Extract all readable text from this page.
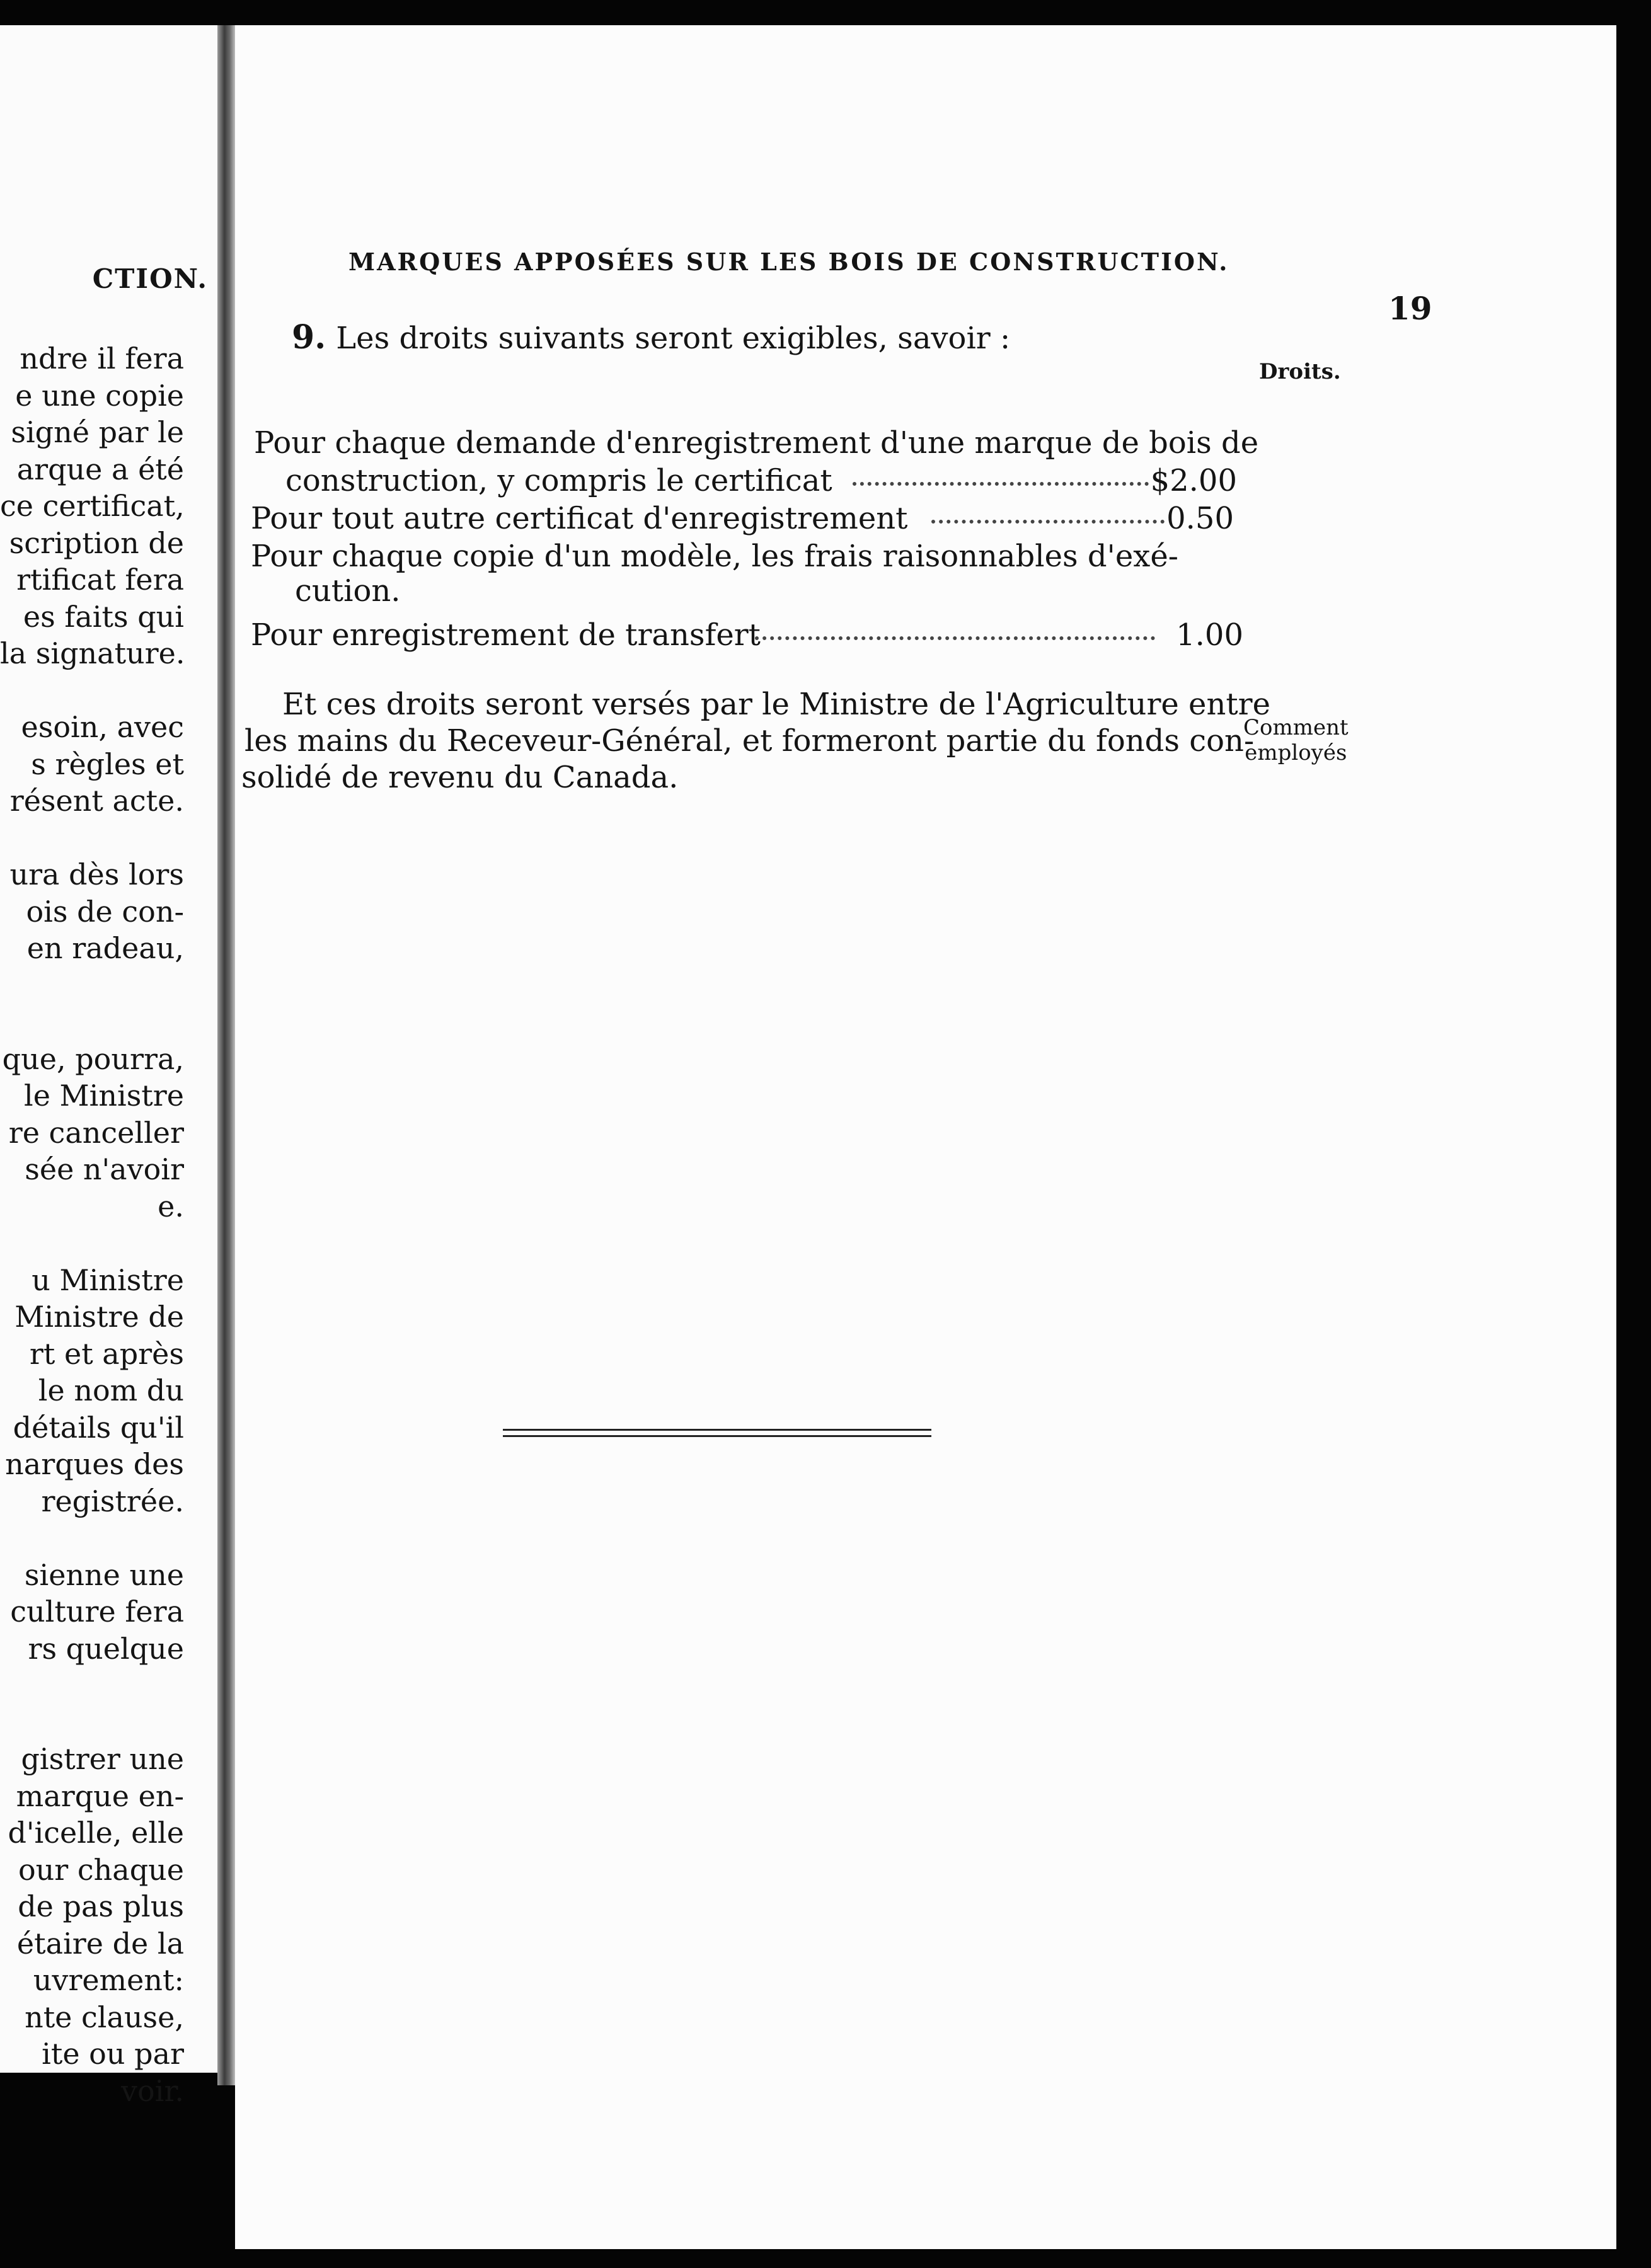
CTION.
ndre il fera
e une copie
signé par le
arque a été
ce certificat,
scription de
rtificat fera
es faits qui
la signature.
esoin, avec
s règles et
résent acte.
ura dès lors
ois de con-
en radeau,
que, pourra,
le Ministre
re canceller
sée n'avoir
e.
u Ministre
Ministre de
rt et après
le nom du
détails qu'il
narques des
registrée.
sienne une
culture fera
rs quelque
gistrer une
marque en-
d'icelle, elle
our chaque
de pas plus
étaire de la
uvrement:
nte clause,
ite ou par
voir.
MARQUES APPOSÉES SUR LES BOIS DE CONSTRUCTION.
19
9. Les droits suivants seront exigibles, savoir :
Droits.
Pour chaque demande d'enregistrement d'une marque de bois de
construction, y compris le certificat	$2.00
Pour tout autre certificat d'enregistrement	0.50
Pour chaque copie d'un modèle, les frais raisonnables d'exé-
cution.
Pour enregistrement de transfert	1.00
Et ces droits seront versés par le Ministre de l'Agriculture entre
les mains du Receveur-Général, et formeront partie du fonds con-
solidé de revenu du Canada.
Comment
employés
